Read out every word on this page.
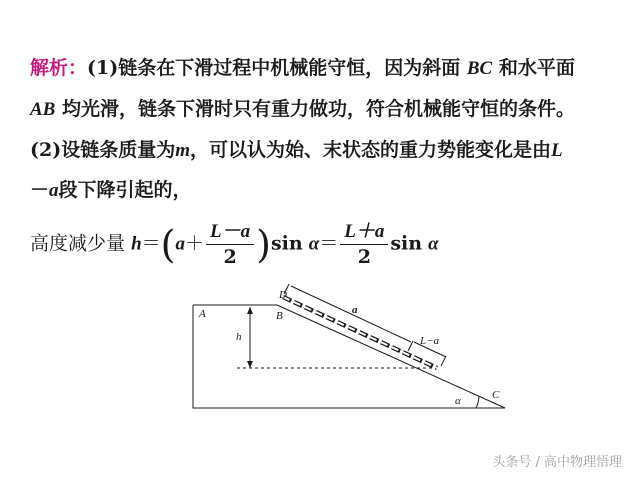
解析：(1)链条在下滑过程中机械能守恒，因为斜面 BC 和水平面
AB 均光滑，链条下滑时只有重力做功，符合机械能守恒的条件。
(2)设链条质量为m，可以认为始、末状态的重力势能变化是由L
－a段下降引起的，
高度减少量 $h=(a+ \frac{L-a}{2} )\sin$ $\alpha= \frac{L+a}{2}$ sin α
A	B
C
D
h
a
L−a
α
头条号 / 高中物理悟理
